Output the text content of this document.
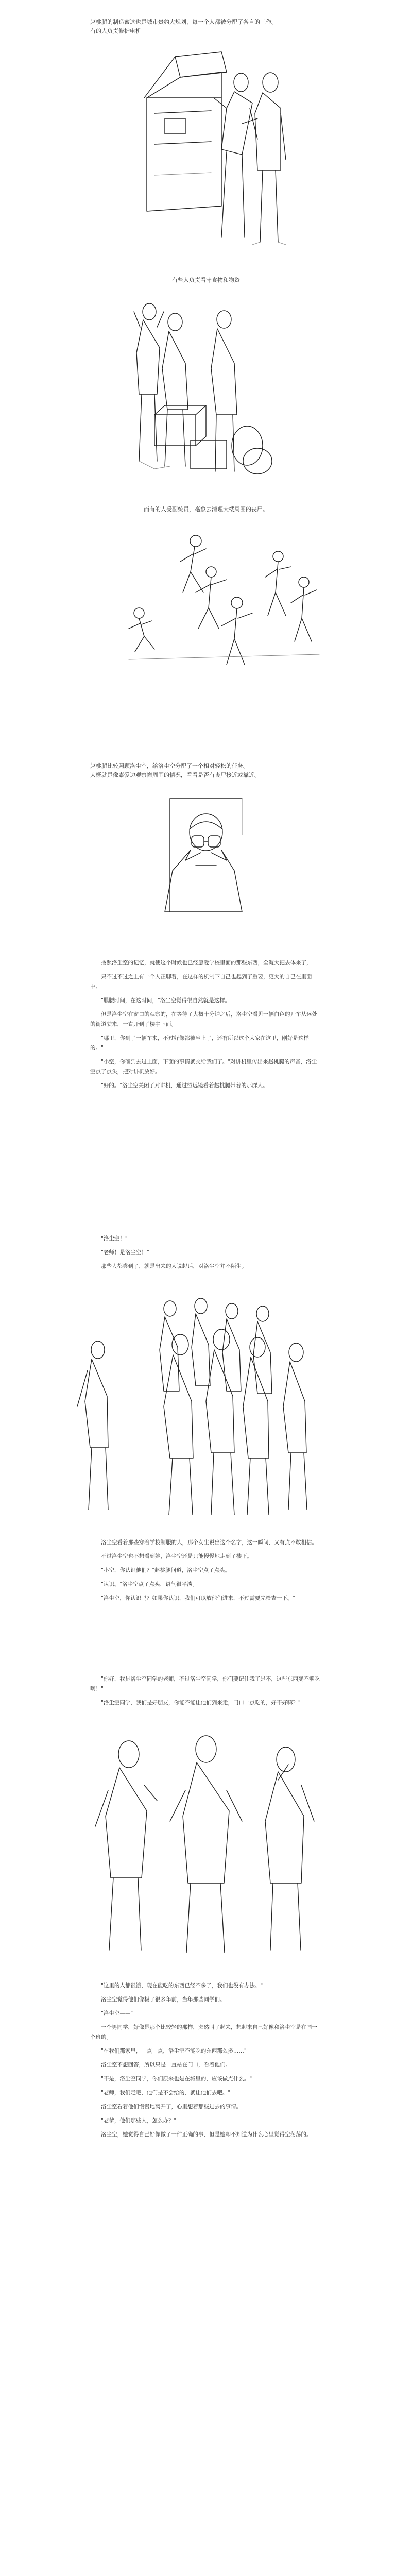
赵桃腿的制造蓄这也是城市贵约大规划，每一个人都被分配了各自的工作。
有的人负责修护电机
有些人负责看守食物和物资
而有的人受副统员，毫象去清理大楼周围的丧尸。
赵桃腿比较照顾洛尘空，给洛尘空分配了一个相对轻松的任务。
大概就是像素爱边观察窗周围的情况，看看是否有丧尸接近或靠近。

按照洛尘空的记忆，就使这个时候也已经愿爱学校里面的那些东西，全凝大把去体来了，

只不过不过之上有一个人正聊着，在这样的机制下自己也起到了重要，更大的自己在里面中。

"膜腰时间，在这时间，"洛尘空觉得很自然就是这样。

但是洛尘空在窗口的观察的，在等待了大概十分钟之后，洛尘空看见一辆白色的开车从远处的街道驶来，一直开到了楼宇下面。

"哪里，你到了一辆车来，不过好像都被坐上了，还有所以这个大家在这里，刚好是这样的。"

"小空，你确到去过上面，下面的事情就交给我们了。"对讲机里传出来赵桃腿的声音，洛尘空点了点头，把对讲机放好。

"好的。"洛尘空关闭了对讲机，通过望远镜看着赵桃腿带着的那群人。

"洛尘空！"

"老师！是洛尘空！"

那些人都尝到了，就是出来的人说起话，对洛尘空并不陌生。

洛尘空看着那些穿着学校制服的人，那个女生说出这个名字，这一瞬间，又有点不敢相信。

不过洛尘空也不想看到她，洛尘空还是只能慢慢地走到了楼下。

"小空，你认识他们？"赵桃腿问道，洛尘空点了点头。

"认识。"洛尘空点了点头，语气很平淡。

"洛尘空，你认识吗？如果你认识，我们可以放他们进来，不过需要先检查一下。"

"你好，我是洛尘空同学的老师，不过洛尘空同学，你们要记住我了是不，这些东西变不够吃啊！"

"洛尘空同学，我们是好朋友，你能不能让他们到来走，门口一点吃的，好不好嘛？"

"这里的人都很饿，现在能吃的东西已经不多了，我们也没有办法。"

洛尘空觉得他们像极了很多年前，当年那些同学们。

"洛尘空——"

一个男同学，好像是那个比较轻的那样，突然叫了起来，想起来自己好像和洛尘空是在同一个班的。

"在我们那家里，一点一点，洛尘空不能吃的东西那么多……"

洛尘空不想回答，所以只是一直站在门口，看着他们。

"不是，洛尘空同学，你们原来也是在城里的，应该做点什么。"

"老师，我们走吧，他们是不会给的，就让他们去吧。"

洛尘空看着他们慢慢地离开了，心里想着那些过去的事情。

"老爹，他们那些人，怎么办？"

洛尘空，她觉得自己好像做了一件正确的事，但是她却不知道为什么心里觉得空荡荡的。
